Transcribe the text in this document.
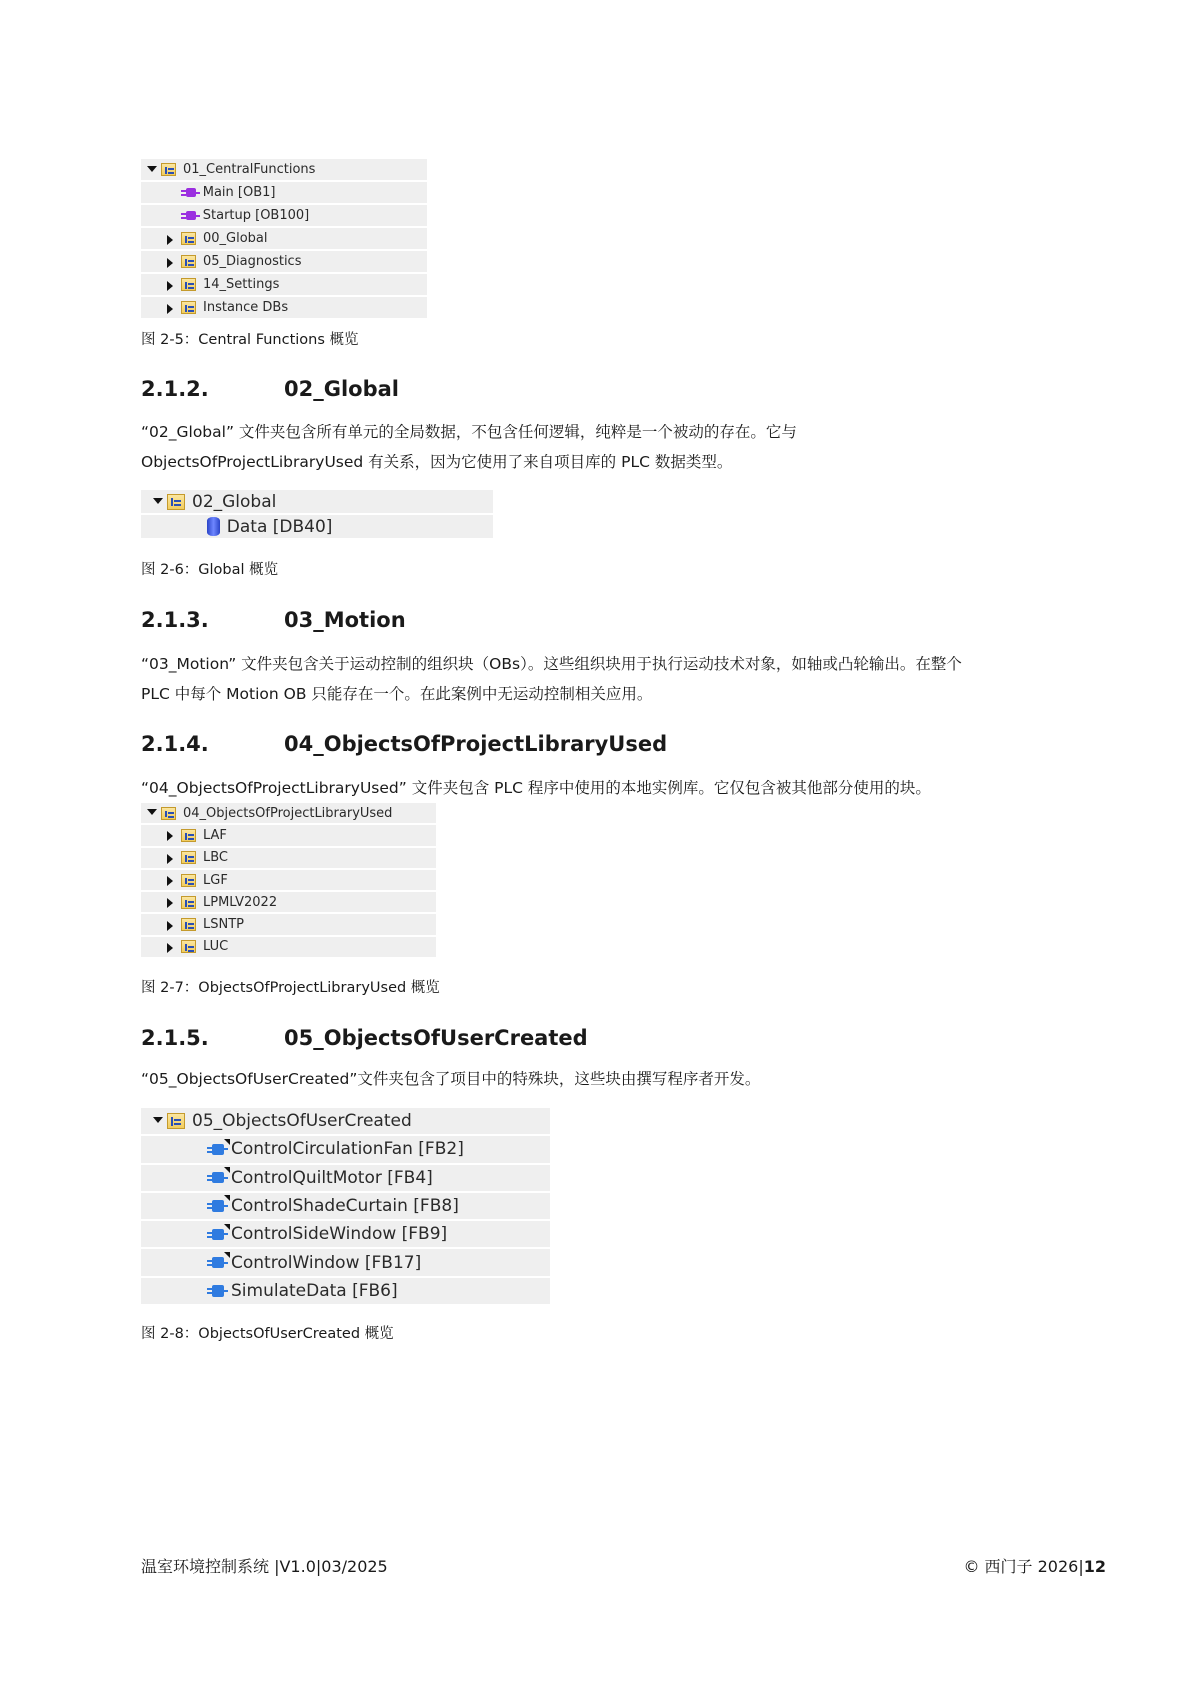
01_CentralFunctions
Main [OB1]
Startup [OB100]
00_Global
05_Diagnostics
14_Settings
Instance DBs
图 2-5：Central Functions 概览
2.1.2.	02_Global
“02_Global” 文件夹包含所有单元的全局数据，不包含任何逻辑，纯粹是一个被动的存在。它与
ObjectsOfProjectLibraryUsed 有关系，因为它使用了来自项目库的 PLC 数据类型。
02_Global
Data [DB40]
图 2-6：Global 概览
2.1.3.	03_Motion
“03_Motion” 文件夹包含关于运动控制的组织块（OBs）。这些组织块用于执行运动技术对象，如轴或凸轮输出。在整个
PLC 中每个 Motion OB 只能存在一个。在此案例中无运动控制相关应用。
2.1.4.	04_ObjectsOfProjectLibraryUsed
“04_ObjectsOfProjectLibraryUsed” 文件夹包含 PLC 程序中使用的本地实例库。它仅包含被其他部分使用的块。
04_ObjectsOfProjectLibraryUsed
LAF
LBC
LGF
LPMLV2022
LSNTP
LUC
图 2-7：ObjectsOfProjectLibraryUsed 概览
2.1.5.	05_ObjectsOfUserCreated
“05_ObjectsOfUserCreated”文件夹包含了项目中的特殊块，这些块由撰写程序者开发。
05_ObjectsOfUserCreated
ControlCirculationFan [FB2]
ControlQuiltMotor [FB4]
ControlShadeCurtain [FB8]
ControlSideWindow [FB9]
ControlWindow [FB17]
SimulateData [FB6]
图 2-8：ObjectsOfUserCreated 概览
温室环境控制系统 |V1.0|03/2025	© 西门子 2026|12
